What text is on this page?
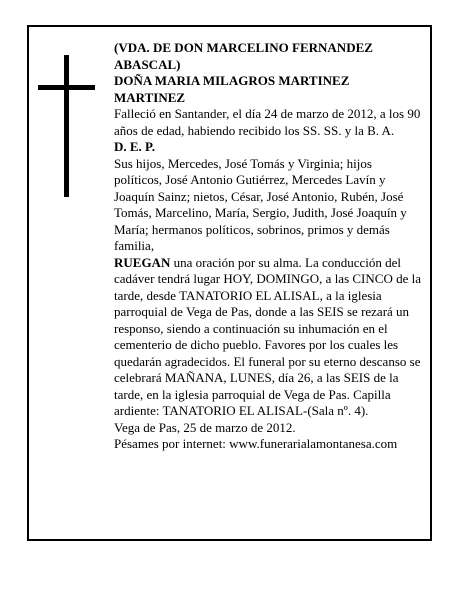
(VDA. DE DON MARCELINO FERNANDEZ ABASCAL)

DOÑA MARIA MILAGROS MARTINEZ MARTINEZ

Falleció en Santander, el día 24 de marzo de 2012, a los 90 años de edad, habiendo recibido los SS. SS. y la B. A.

D. E. P.

Sus hijos, Mercedes, José Tomás y Virginia; hijos políticos, José Antonio Gutiérrez, Mercedes Lavín y Joaquín Sainz; nietos, César, José Antonio, Rubén, José Tomás, Marcelino, María, Sergio, Judith, José Joaquín y María; hermanos políticos, sobrinos, primos y demás familia,

RUEGAN una oración por su alma. La conducción del cadáver tendrá lugar HOY, DOMINGO, a las CINCO de la tarde, desde TANATORIO EL ALISAL, a la iglesia parroquial de Vega de Pas, donde a las SEIS se rezará un responso, siendo a continuación su inhumación en el cementerio de dicho pueblo. Favores por los cuales les quedarán agradecidos. El funeral por su eterno descanso se celebrará MAÑANA, LUNES, día 26, a las SEIS de la tarde, en la iglesia parroquial de Vega de Pas. Capilla ardiente: TANATORIO EL ALISAL-(Sala nº. 4).

Vega de Pas, 25 de marzo de 2012.

Pésames por internet: www.funerarialamontanesa.com
